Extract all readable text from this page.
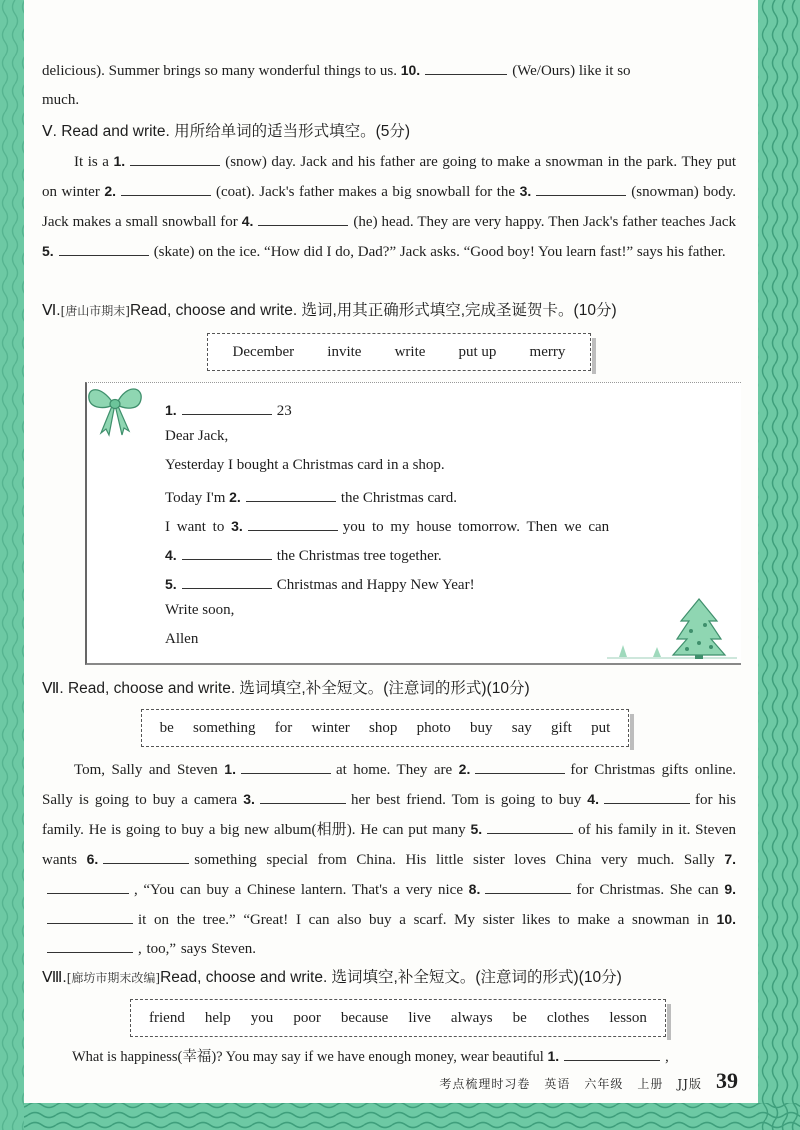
delicious). Summer brings so many wonderful things to us. 10.	(We/Ours) like it so

much.

Ⅴ. Read and write. 用所给单词的适当形式填空。(5分)

It is a 1.	(snow) day. Jack and his father are going to make a snowman in the park. They put on winter 2.	(coat). Jack's father makes a big snowball for the 3.	(snowman) body. Jack makes a small snowball for 4.	(he) head. They are very happy. Then Jack's father teaches Jack 5.	(skate) on the ice. “How did I do, Dad?” Jack asks. “Good boy! You learn fast!” says his father.

Ⅵ.[唐山市期末]Read, choose and write. 选词,用其正确形式填空,完成圣诞贺卡。(10分)

December invite write put up merry
1.	23
Dear Jack,
Yesterday I bought a Christmas card in a shop.
Today I'm 2.	the Christmas card.
I want to 3.	you to my house tomorrow. Then we can
4.	the Christmas tree together.
5.	Christmas and Happy New Year!
Write soon,
Allen

Ⅶ. Read, choose and write. 选词填空,补全短文。(注意词的形式)(10分)

be something for winter shop photo buy say gift put

Tom, Sally and Steven 1.	at home. They are 2.	for Christmas gifts online. Sally is going to buy a camera 3.	her best friend. Tom is going to buy 4.	for his family. He is going to buy a big new album(相册). He can put many 5.	of his family in it. Steven wants 6.	something special from China. His little sister loves China very much. Sally 7., “You can buy a Chinese lantern. That's a very nice 8.	for Christmas. She can 9.it on the tree.” “Great! I can also buy a scarf. My sister likes to make a snowman in 10., too,” says Steven.

Ⅷ.[廊坊市期末改编]Read, choose and write. 选词填空,补全短文。(注意词的形式)(10分)

friend help you poor because live always be clothes lesson

What is happiness(幸福)? You may say if we have enough money, wear beautiful 1.	,

考点梳理时习卷 英语 六年级 上册 JJ版 39
